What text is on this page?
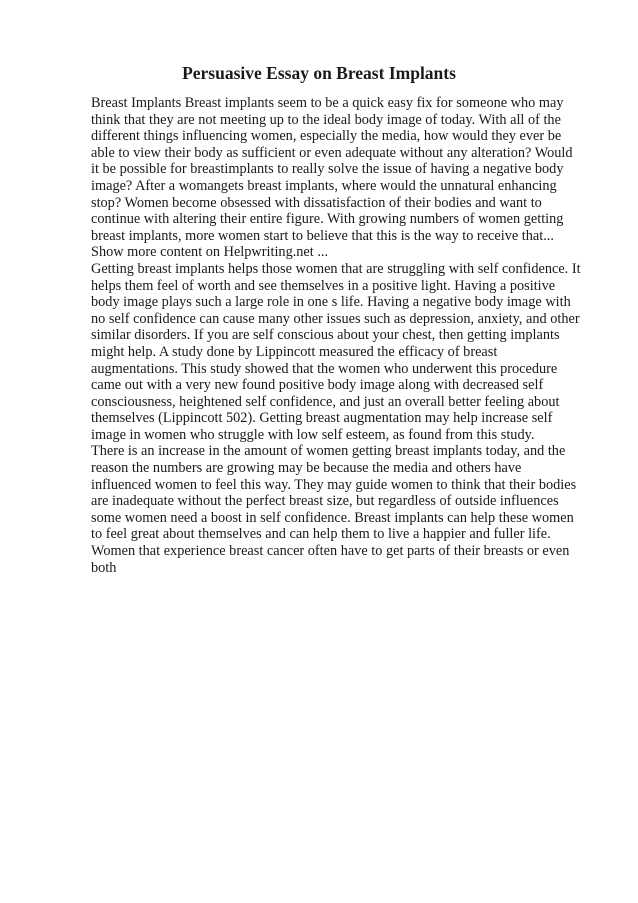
Persuasive Essay on Breast Implants
Breast Implants Breast implants seem to be a quick easy fix for someone who may
think that they are not meeting up to the ideal body image of today. With all of the
different things influencing women, especially the media, how would they ever be
able to view their body as sufficient or even adequate without any alteration? Would
it be possible for breastimplants to really solve the issue of having a negative body
image? After a womangets breast implants, where would the unnatural enhancing
stop? Women become obsessed with dissatisfaction of their bodies and want to
continue with altering their entire figure. With growing numbers of women getting
breast implants, more women start to believe that this is the way to receive that...
Show more content on Helpwriting.net ...
Getting breast implants helps those women that are struggling with self confidence. It
helps them feel of worth and see themselves in a positive light. Having a positive
body image plays such a large role in one s life. Having a negative body image with
no self confidence can cause many other issues such as depression, anxiety, and other
similar disorders. If you are self conscious about your chest, then getting implants
might help. A study done by Lippincott measured the efficacy of breast
augmentations. This study showed that the women who underwent this procedure
came out with a very new found positive body image along with decreased self
consciousness, heightened self confidence, and just an overall better feeling about
themselves (Lippincott 502). Getting breast augmentation may help increase self
image in women who struggle with low self esteem, as found from this study.
There is an increase in the amount of women getting breast implants today, and the
reason the numbers are growing may be because the media and others have
influenced women to feel this way. They may guide women to think that their bodies
are inadequate without the perfect breast size, but regardless of outside influences
some women need a boost in self confidence. Breast implants can help these women
to feel great about themselves and can help them to live a happier and fuller life.
Women that experience breast cancer often have to get parts of their breasts or even
both
